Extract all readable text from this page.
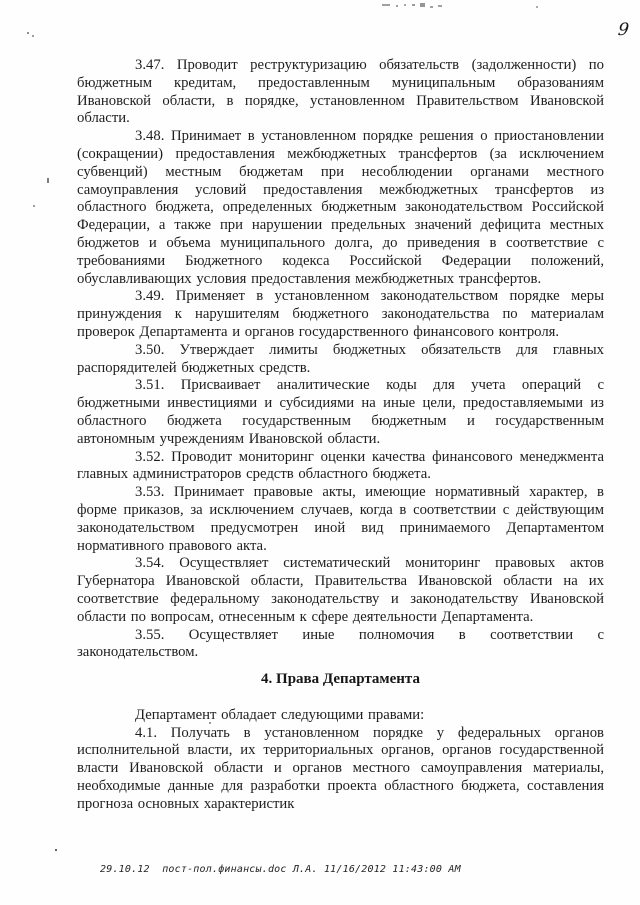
9

3.47. Проводит реструктуризацию обязательств (задолженности) по бюджетным кредитам, предоставленным муниципальным образованиям Ивановской области, в порядке, установленном Правительством Ивановской области.

3.48. Принимает в установленном порядке решения о приостановлении (сокращении) предоставления межбюджетных трансфертов (за исключением субвенций) местным бюджетам при несоблюдении органами местного самоуправления условий предоставления межбюджетных трансфертов из областного бюджета, определенных бюджетным законодательством Российской Федерации, а также при нарушении предельных значений дефицита местных бюджетов и объема муниципального долга, до приведения в соответствие с требованиями Бюджетного кодекса Российской Федерации положений, обуславливающих условия предоставления межбюджетных трансфертов.

3.49. Применяет в установленном законодательством порядке меры принуждения к нарушителям бюджетного законодательства по материалам проверок Департамента и органов государственного финансового контроля.

3.50. Утверждает лимиты бюджетных обязательств для главных распорядителей бюджетных средств.

3.51. Присваивает аналитические коды для учета операций с бюджетными инвестициями и субсидиями на иные цели, предоставляемыми из областного бюджета государственным бюджетным и государственным автономным учреждениям Ивановской области.

3.52. Проводит мониторинг оценки качества финансового менеджмента главных администраторов средств областного бюджета.

3.53. Принимает правовые акты, имеющие нормативный характер, в форме приказов, за исключением случаев, когда в соответствии с действующим законодательством предусмотрен иной вид принимаемого Департаментом нормативного правового акта.

3.54. Осуществляет систематический мониторинг правовых актов Губернатора Ивановской области, Правительства Ивановской области на их соответствие федеральному законодательству и законодательству Ивановской области по вопросам, отнесенным к сфере деятельности Департамента.

3.55. Осуществляет иные полномочия в соответствии с законодательством.

4. Права Департамента

Департамент обладает следующими правами:

4.1. Получать в установленном порядке у федеральных органов исполнительной власти, их территориальных органов, органов государственной власти Ивановской области и органов местного самоуправления материалы, необходимые данные для разработки проекта областного бюджета, составления прогноза основных характеристик

29.10.12  пост-пол.финансы.doc Л.А. 11/16/2012 11:43:00 AM
